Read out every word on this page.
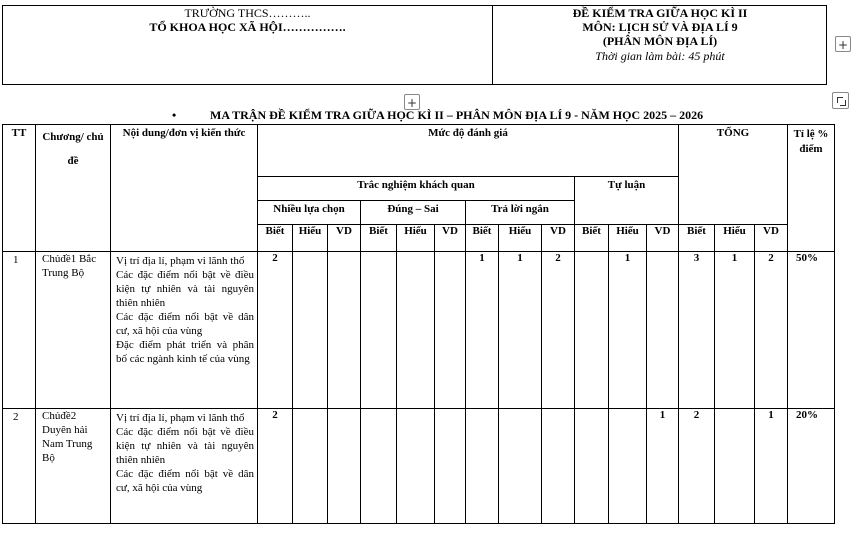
TRƯỜNG THCS………..
TỔ KHOA HỌC XÃ HỘI…………….
ĐỀ KIỂM TRA GIỮA HỌC KÌ II
MÔN: LỊCH SỬ VÀ ĐỊA LÍ 9
(PHÂN MÔN ĐỊA LÍ)
Thời gian làm bài: 45 phút
+
+
•	MA TRẬN ĐỀ KIỂM TRA GIỮA HỌC KÌ II – PHÂN MÔN ĐỊA LÍ 9 - NĂM HỌC 2025 – 2026
TT	Chương/ chủ đề	Nội dung/đơn vị kiến thức	Mức độ đánh giá												TỔNG			Tỉ lệ % điểm
			Trắc nghiệm khách quan									Tự luận						
			Nhiều lựa chọn			Đúng – Sai			Trả lời ngắn									
			Biết	Hiểu	VD	Biết	Hiểu	VD	Biết	Hiểu	VD	Biết	Hiểu	VD	Biết	Hiểu	VD	
1	Chủđề1 Bắc Trung Bộ	Vị trí địa lí, phạm vi lãnh thổ

Các đặc điểm nổi bật về điều kiện tự nhiên và tài nguyên thiên nhiên

Các đặc điểm nổi bật về dân cư, xã hội của vùng

Đặc điểm phát triển và phân bố các ngành kinh tế của vùng	2						1	1	2		1		3	1	2	50%
2	Chủđề2 Duyên hải Nam Trung Bộ	Vị trí địa lí, phạm vi lãnh thổ

Các đặc điểm nổi bật về điều kiện tự nhiên và tài nguyên thiên nhiên

Các đặc điểm nổi bật về dân cư, xã hội của vùng	2											1	2		1	20%
